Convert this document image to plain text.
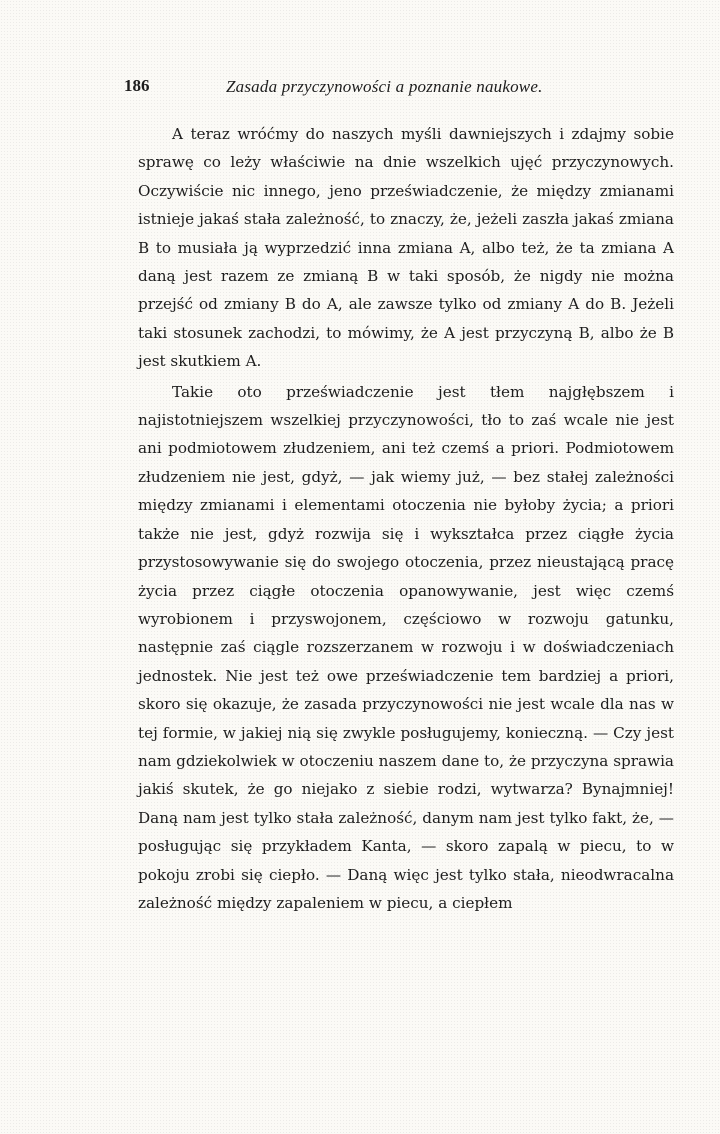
186	Zasada przyczynowości a poznanie naukowe.

A teraz wróćmy do naszych myśli dawniejszych i zdajmy sobie sprawę co leży właściwie na dnie wszelkich ujęć przyczynowych. Oczywiście nic innego, jeno przeświadczenie, że między zmianami istnieje jakaś stała zależność, to znaczy, że, jeżeli zaszła jakaś zmiana B to musiała ją wyprzedzić inna zmiana A, albo też, że ta zmiana A daną jest razem ze zmianą B w taki sposób, że nigdy nie można przejść od zmiany B do A, ale zawsze tylko od zmiany A do B. Jeżeli taki stosunek zachodzi, to mówimy, że A jest przyczyną B, albo że B jest skutkiem A.

Takie oto przeświadczenie jest tłem najgłębszem i najistotniejszem wszelkiej przyczynowości, tło to zaś wcale nie jest ani podmiotowem złudzeniem, ani też czemś a priori. Podmiotowem złudzeniem nie jest, gdyż, — jak wiemy już, — bez stałej zależności między zmianami i elementami otoczenia nie byłoby życia; a priori także nie jest, gdyż rozwija się i wykształca przez ciągłe życia przystosowywanie się do swojego otoczenia, przez nieustającą pracę życia przez ciągłe otoczenia opanowywanie, jest więc czemś wyrobionem i przyswojonem, częściowo w rozwoju gatunku, następnie zaś ciągle rozszerzanem w rozwoju i w doświadczeniach jednostek. Nie jest też owe przeświadczenie tem bardziej a priori, skoro się okazuje, że zasada przyczynowości nie jest wcale dla nas w tej formie, w jakiej nią się zwykle posługujemy, konieczną. — Czy jest nam gdziekolwiek w otoczeniu naszem dane to, że przyczyna sprawia jakiś skutek, że go niejako z siebie rodzi, wytwarza? Bynajmniej! Daną nam jest tylko stała zależność, danym nam jest tylko fakt, że, — posługując się przykładem Kanta, — skoro zapalą w piecu, to w pokoju zrobi się ciepło. — Daną więc jest tylko stała, nieodwracalna zależność między zapaleniem w piecu, a ciepłem
